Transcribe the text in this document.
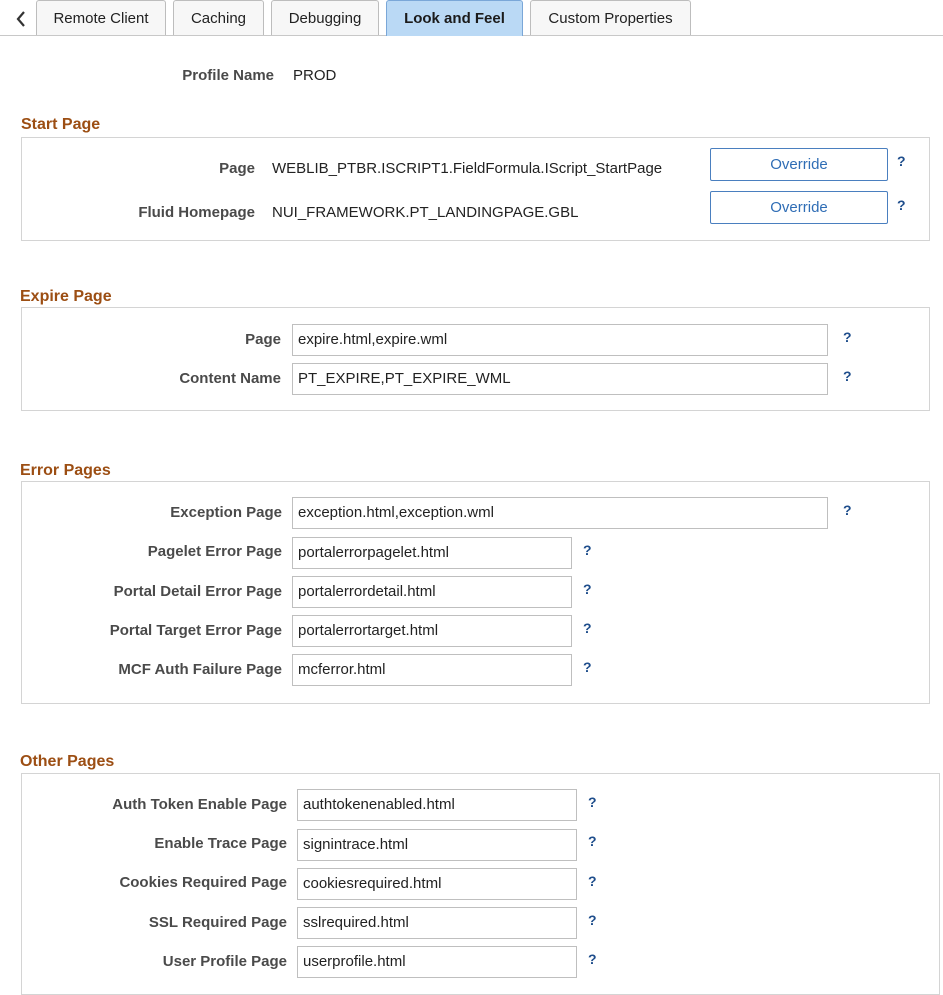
Remote Client	Caching	Debugging	Look and Feel	Custom Properties
Profile Name PROD
Start Page
Page WEBLIB_PTBR.ISCRIPT1.FieldFormula.IScript_StartPage	Override	?
Fluid Homepage NUI_FRAMEWORK.PT_LANDINGPAGE.GBL	Override	?
Expire Page
Page	expire.html,expire.wml	?
Content Name	PT_EXPIRE,PT_EXPIRE_WML	?
Error Pages
Exception Page	exception.html,exception.wml	?
Pagelet Error Page	portalerrorpagelet.html	?
Portal Detail Error Page	portalerrordetail.html	?
Portal Target Error Page	portalerrortarget.html	?
MCF Auth Failure Page	mcferror.html	?
Other Pages
Auth Token Enable Page	authtokenenabled.html	?
Enable Trace Page	signintrace.html	?
Cookies Required Page	cookiesrequired.html	?
SSL Required Page	sslrequired.html	?
User Profile Page	userprofile.html	?
